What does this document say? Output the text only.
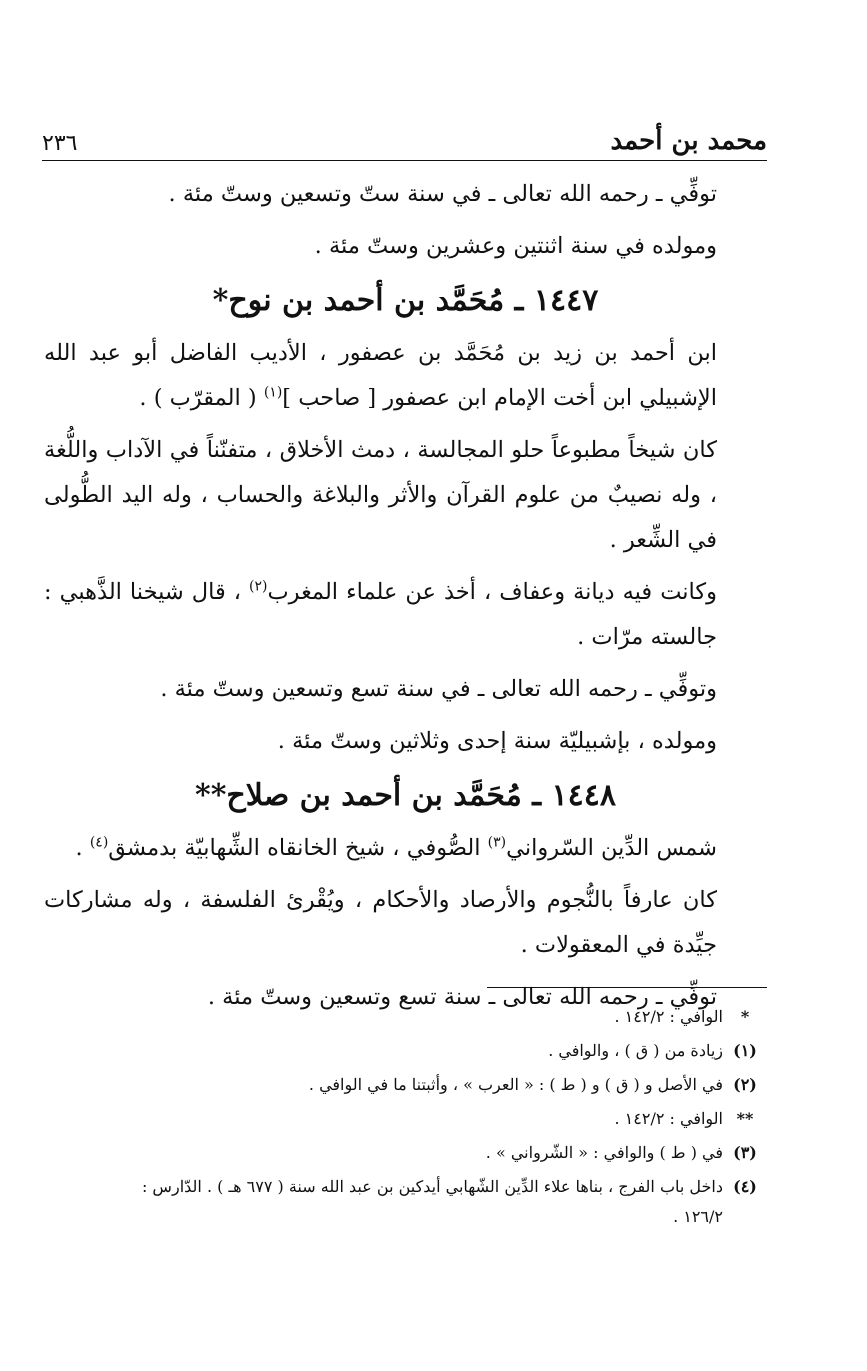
محمد بن أحمد
٢٣٦

توفِّي ـ رحمه الله تعالى ـ في سنة ستّ وتسعين وستّ مئة .

ومولده في سنة اثنتين وعشرين وستّ مئة .

١٤٤٧ ـ مُحَمَّد بن أحمد بن نوح*

ابن أحمد بن زيد بن مُحَمَّد بن عصفور ، الأديب الفاضل أبو عبد الله الإشبيلي ابن أخت الإمام ابن عصفور [ صاحب ]$^{(١)}$ ( المقرّب ) .

كان شيخاً مطبوعاً حلو المجالسة ، دمث الأخلاق ، متفنّناً في الآداب واللُّغة ، وله نصيبٌ من علوم القرآن والأثر والبلاغة والحساب ، وله اليد الطُّولى في الشِّعر .

وكانت فيه ديانة وعفاف ، أخذ عن علماء المغرب$^{(٢)}$ ، قال شيخنا الذَّهبي : جالسته مرّات .

وتوفِّي ـ رحمه الله تعالى ـ في سنة تسع وتسعين وستّ مئة .

ومولده ، بإشبيليّة سنة إحدى وثلاثين وستّ مئة .

١٤٤٨ ـ مُحَمَّد بن أحمد بن صلاح**

شمس الدِّين السّرواني$^{(٣)}$ الصُّوفي ، شيخ الخانقاه الشِّهابيّة بدمشق$^{(٤)}$ .

كان عارفاً بالنُّجوم والأرصاد والأحكام ، ويُقْرئ الفلسفة ، وله مشاركات جيِّدة في المعقولات .

توفِّي ـ رحمه الله تعالى ـ سنة تسع وتسعين وستّ مئة .

*
الوافي : ١٤٢/٢ .
(١)
زيادة من ( ق ) ، والوافي .
(٢)
في الأصل و ( ق ) و ( ط ) : « العرب » ، وأثبتنا ما في الوافي .
**
الوافي : ١٤٢/٢ .
(٣)
في ( ط ) والوافي : « الشّرواني » .
(٤)
داخل باب الفرج ، بناها علاء الدِّين الشّهابي أيدكين بن عبد الله سنة ( ٦٧٧ هـ ) . الدّارس :
١٢٦/٢ .
